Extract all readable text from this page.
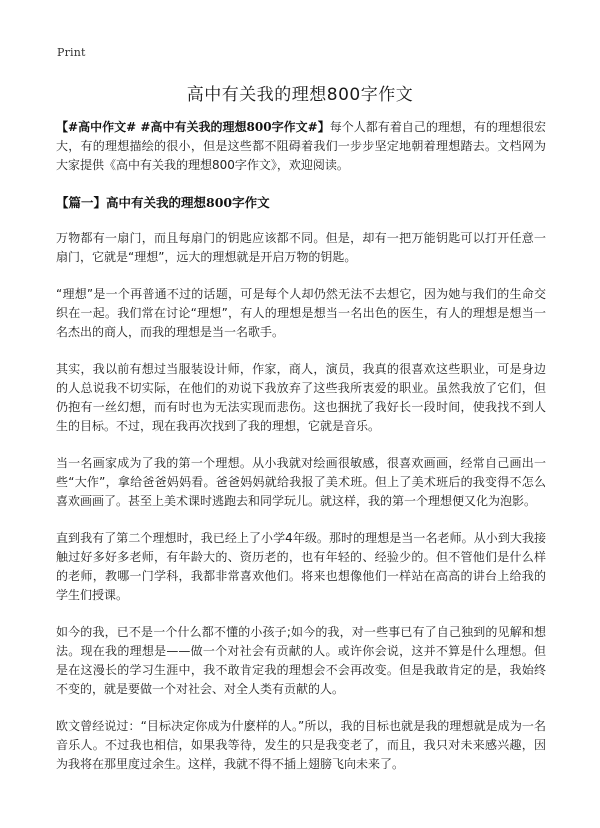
Print
高中有关我的理想800字作文

【#高中作文# #高中有关我的理想800字作文#】每个人都有着自己的理想，有的理想很宏大，有的理想描绘的很小，但是这些都不阻碍着我们一步步坚定地朝着理想踏去。文档网为大家提供《高中有关我的理想800字作文》，欢迎阅读。

【篇一】高中有关我的理想800字作文

万物都有一扇门，而且每扇门的钥匙应该都不同。但是，却有一把万能钥匙可以打开任意一扇门，它就是“理想”，远大的理想就是开启万物的钥匙。

“理想”是一个再普通不过的话题，可是每个人却仍然无法不去想它，因为她与我们的生命交织在一起。我们常在讨论“理想”，有人的理想是想当一名出色的医生，有人的理想是想当一名杰出的商人，而我的理想是当一名歌手。

其实，我以前有想过当服装设计师，作家，商人，演员，我真的很喜欢这些职业，可是身边的人总说我不切实际，在他们的劝说下我放弃了这些我所衷爱的职业。虽然我放了它们，但仍抱有一丝幻想，而有时也为无法实现而悲伤。这也捆扰了我好长一段时间，使我找不到人生的目标。不过，现在我再次找到了我的理想，它就是音乐。

当一名画家成为了我的第一个理想。从小我就对绘画很敏感，很喜欢画画，经常自己画出一些“大作”，拿给爸爸妈妈看。爸爸妈妈就给我报了美术班。但上了美术班后的我变得不怎么喜欢画画了。甚至上美术课时逃跑去和同学玩儿。就这样，我的第一个理想便又化为泡影。

直到我有了第二个理想时，我已经上了小学4年级。那时的理想是当一名老师。从小到大我接触过好多好多老师，有年龄大的、资历老的，也有年轻的、经验少的。但不管他们是什么样的老师，教哪一门学科，我都非常喜欢他们。将来也想像他们一样站在高高的讲台上给我的学生们授课。

如今的我，已不是一个什么都不懂的小孩子;如今的我，对一些事已有了自己独到的见解和想法。现在我的理想是——做一个对社会有贡献的人。或许你会说，这并不算是什么理想。但是在这漫长的学习生涯中，我不敢肯定我的理想会不会再改变。但是我敢肯定的是，我始终不变的，就是要做一个对社会、对全人类有贡献的人。

欧文曾经说过：“目标决定你成为什麽样的人。”所以，我的目标也就是我的理想就是成为一名音乐人。不过我也相信，如果我等待，发生的只是我变老了，而且，我只对未来感兴趣，因为我将在那里度过余生。这样，我就不得不插上翅膀飞向未来了。
